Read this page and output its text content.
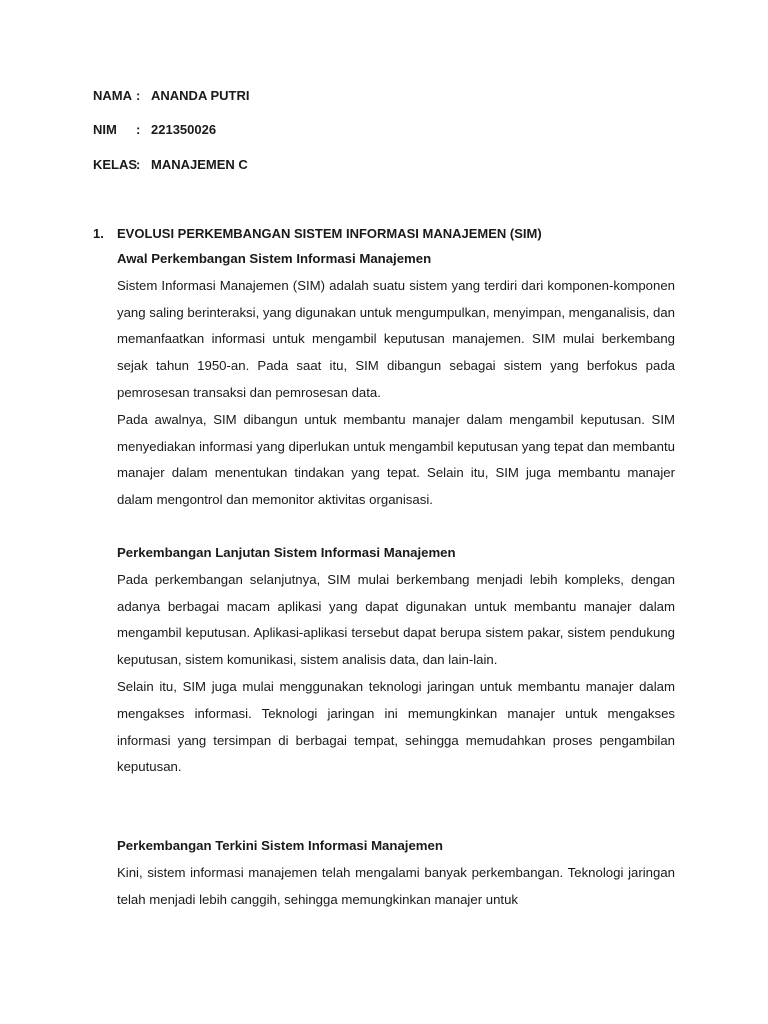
NAMA : ANANDA PUTRI
NIM : 221350026
KELAS: MANAJEMEN C
1. EVOLUSI PERKEMBANGAN SISTEM INFORMASI MANAJEMEN (SIM)

Awal Perkembangan Sistem Informasi Manajemen

Sistem Informasi Manajemen (SIM) adalah suatu sistem yang terdiri dari komponen-komponen yang saling berinteraksi, yang digunakan untuk mengumpulkan, menyimpan, menganalisis, dan memanfaatkan informasi untuk mengambil keputusan manajemen. SIM mulai berkembang sejak tahun 1950-an. Pada saat itu, SIM dibangun sebagai sistem yang berfokus pada pemrosesan transaksi dan pemrosesan data.

Pada awalnya, SIM dibangun untuk membantu manajer dalam mengambil keputusan. SIM menyediakan informasi yang diperlukan untuk mengambil keputusan yang tepat dan membantu manajer dalam menentukan tindakan yang tepat. Selain itu, SIM juga membantu manajer dalam mengontrol dan memonitor aktivitas organisasi.

Perkembangan Lanjutan Sistem Informasi Manajemen

Pada perkembangan selanjutnya, SIM mulai berkembang menjadi lebih kompleks, dengan adanya berbagai macam aplikasi yang dapat digunakan untuk membantu manajer dalam mengambil keputusan. Aplikasi-aplikasi tersebut dapat berupa sistem pakar, sistem pendukung keputusan, sistem komunikasi, sistem analisis data, dan lain-lain.

Selain itu, SIM juga mulai menggunakan teknologi jaringan untuk membantu manajer dalam mengakses informasi. Teknologi jaringan ini memungkinkan manajer untuk mengakses informasi yang tersimpan di berbagai tempat, sehingga memudahkan proses pengambilan keputusan.

Perkembangan Terkini Sistem Informasi Manajemen

Kini, sistem informasi manajemen telah mengalami banyak perkembangan. Teknologi jaringan telah menjadi lebih canggih, sehingga memungkinkan manajer untuk
